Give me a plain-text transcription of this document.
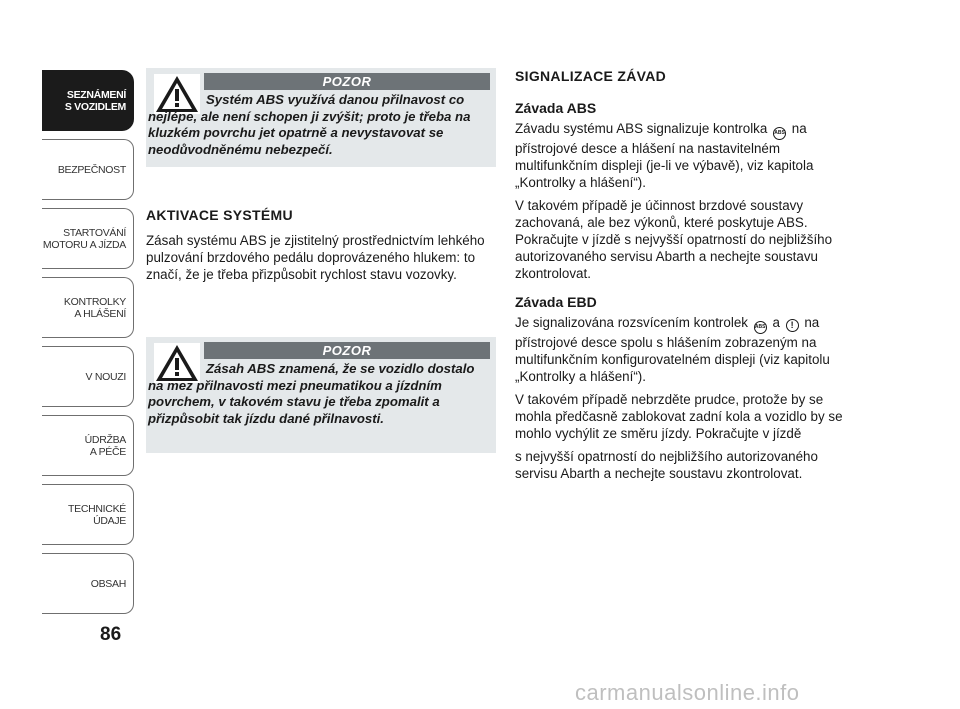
SEZNÁMENÍ
S VOZIDLEM
BEZPEČNOST
STARTOVÁNÍ
MOTORU A JÍZDA
KONTROLKY
A HLÁŠENÍ
V NOUZI
ÚDRŽBA
A PÉČE
TECHNICKÉ
ÚDAJE
OBSAH
86
POZOR
Systém ABS využívá danou přilnavost co nejlépe, ale není schopen ji zvýšit; proto je třeba na kluzkém povrchu jet opatrně a nevystavovat se neodůvodněnému nebezpečí.
AKTIVACE SYSTÉMU

Zásah systému ABS je zjistitelný prostřednictvím lehkého pulzování brzdového pedálu doprovázeného hlukem: to značí, že je třeba přizpůsobit rychlost stavu vozovky.

POZOR
Zásah ABS znamená, že se vozidlo dostalo na mez přilnavosti mezi pneumatikou a jízdním povrchem, v takovém stavu je třeba zpomalit a přizpůsobit tak jízdu dané přilnavosti.
SIGNALIZACE ZÁVAD
Závada ABS

Závadu systému ABS signalizuje kontrolka ABS na přístrojové desce a hlášení na nastavitelném multifunkčním displeji (je-li ve výbavě), viz kapitola „Kontrolky a hlášení“).

V takovém případě je účinnost brzdové soustavy zachovaná, ale bez výkonů, které poskytuje ABS. Pokračujte v jízdě s nejvyšší opatrností do nejbližšího autorizovaného servisu Abarth a nechejte soustavu zkontrolovat.

Závada EBD

Je signalizována rozsvícením kontrolek ABS a ! na přístrojové desce spolu s hlášením zobrazeným na multifunkčním konfigurovatelném displeji (viz kapitolu „Kontrolky a hlášení“).

V takovém případě nebrzděte prudce, protože by se mohla předčasně zablokovat zadní kola a vozidlo by se mohlo vychýlit ze směru jízdy. Pokračujte v jízdě

s nejvyšší opatrností do nejbližšího autorizovaného servisu Abarth a nechejte soustavu zkontrolovat.

carmanualsonline.info
